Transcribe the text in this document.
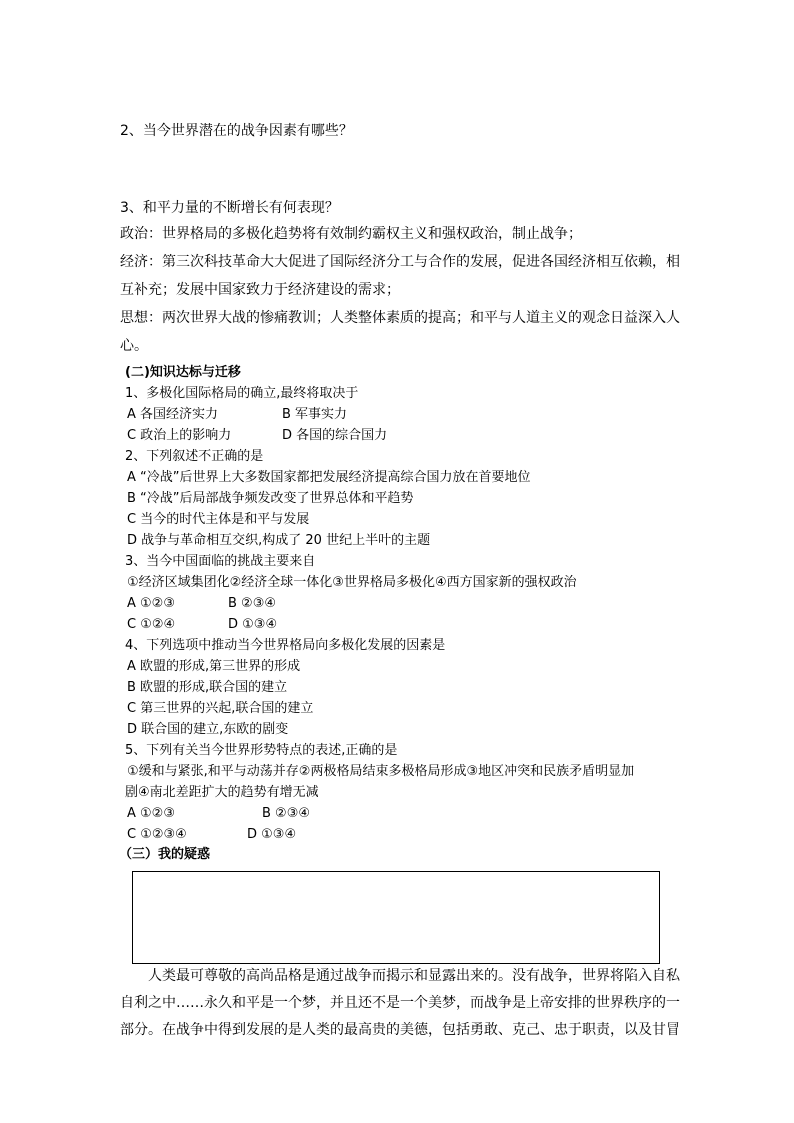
2、当今世界潜在的战争因素有哪些？
3、和平力量的不断增长有何表现？
政治：世界格局的多极化趋势将有效制约霸权主义和强权政治，制止战争；
经济：第三次科技革命大大促进了国际经济分工与合作的发展，促进各国经济相互依赖，相
互补充；发展中国家致力于经济建设的需求；
思想：两次世界大战的惨痛教训；人类整体素质的提高；和平与人道主义的观念日益深入人
心。
(二)知识达标与迁移
1、多极化国际格局的确立,最终将取决于
A 各国经济实力	B 军事实力
C 政治上的影响力	D 各国的综合国力
2、下列叙述不正确的是
A “冷战”后世界上大多数国家都把发展经济提高综合国力放在首要地位
B “冷战”后局部战争频发改变了世界总体和平趋势
C 当今的时代主体是和平与发展
D 战争与革命相互交织,构成了 20 世纪上半叶的主题
3、当今中国面临的挑战主要来自
①经济区域集团化②经济全球一体化③世界格局多极化④西方国家新的强权政治
A ①②③	B ②③④
C ①②④	D ①③④
4、下列选项中推动当今世界格局向多极化发展的因素是
A 欧盟的形成,第三世界的形成
B 欧盟的形成,联合国的建立
C 第三世界的兴起,联合国的建立
D 联合国的建立,东欧的剧变
5、下列有关当今世界形势特点的表述,正确的是
①缓和与紧张,和平与动荡并存②两极格局结束多极格局形成③地区冲突和民族矛盾明显加
剧④南北差距扩大的趋势有增无减
A ①②③	B ②③④
C ①②③④	D ①③④
（三）我的疑惑
人类最可尊敬的高尚品格是通过战争而揭示和显露出来的。没有战争，世界将陷入自私
自利之中……永久和平是一个梦，并且还不是一个美梦，而战争是上帝安排的世界秩序的一
部分。在战争中得到发展的是人类的最高贵的美德，包括勇敢、克己、忠于职责，以及甘冒
